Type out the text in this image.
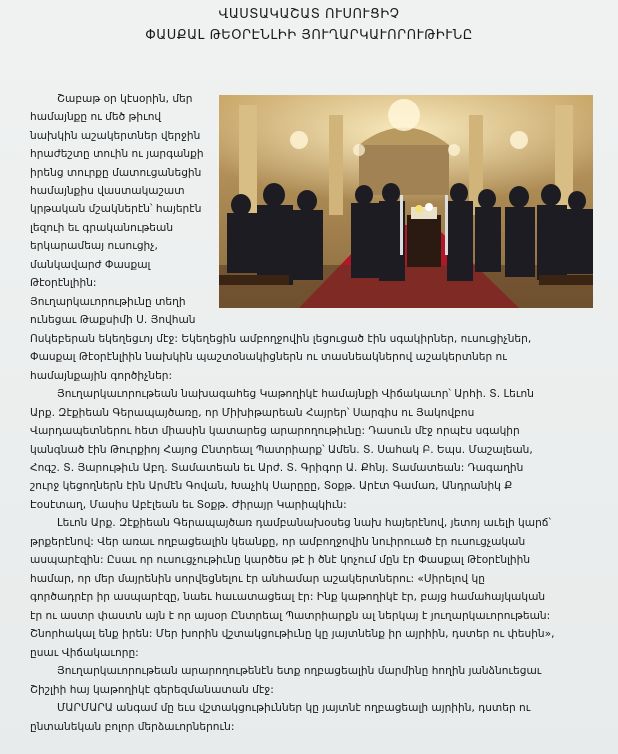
ՎԱՍՏԱԿԱՇԱՏ ՈՒՍՈՒՑԻՉ
ՓԱՍՔԱԼ ԹԵՕՐԷՆԼԻԻ ՅՈՒՂԱՐԿԱՒՈՐՈՒԹԻՒՆԸ
Շաբաթ օր կէսօրին, մեր
համայնքը ու մեծ թիւով
նախկին աշակերտներ վերջին
հրաժեշտը տուին ու յարգանքի
իրենց տուրքը մատուցանեցին
համայնքիս վաստակաշատ
կրթական մշակներէն՝ հայերէն
լեզուի եւ գրականութեան
երկարամեայ ուսուցիչ,
մանկավարժ Փասքալ
Թէօրէնլիին:
Յուղարկաւորութիւնը տեղի
ունեցաւ Թաքսիմի Ս. Յովհան
Ոսկեբերան եկեղեցւոյ մէջ: Եկեղեցին ամբողջովին լեցուցած էին սգակիրներ, ուսուցիչներ,
Փասքալ Թէօրէնլիին նախկին պաշտօնակիցներն ու տասնեակներով աշակերտներ ու
համայնքային գործիչներ:
Յուղարկաւորութեան նախագահեց Կաթողիկէ համայնքի Վիճակաւոր՝ Արհի. Տ. Լեւոն
Արք. Զէքիեան Գերապայծառը, որ Միխիթարեան Հայրեր՝ Սարգիս ու Յակովբոս
Վարդապետներու հետ միասին կատարեց արարողութիւնը: Դասուն մէջ որպէս սգակիր
կանգնած էին Թուրքիոյ Հայոց Ընտրեալ Պատրիարք՝ Ամեն. Տ. Սահակ Բ. Եպս. Մաշալեան,
Հոգշ. Տ. Յարութիւն Աբղ. Տամատեան եւ Արժ. Տ. Գրիգոր Ա. Քհնյ. Տամատեան: Դագաղին
շուրջ կեցողներն էին Արմէն Գովան, Խաչիկ Սարըըը, Տօքթ. Արէտ Գամառ, Անդրանիկ Ք
Էօսէտաղ, Մասիս Աբէլեան եւ Տօքթ. Ժիրայր Կարիպկիւն:
Լեւոն Արք. Զէքիեան Գերապայծառ դամբանախօսեց նախ հայերէնով, յետոյ աւելի կարճ՝
թրքերէնով: Վեր առաւ ողբացեալին կեանքը, որ ամբողջովին նուիրուած էր ուսուցչական
ասպարէզին: Ըսաւ որ ուսուցչութիւնը կարծես թէ ի ծնէ կոչում մըն էր Փասքալ Թէօրէնլիին
համար, որ մեր մայրենին սորվեցնելու էր անհամար աշակերտներու: «Սիրելով կը
գործադրէր իր ասպարէզը, նաեւ հաւատացեալ էր: Ինք կաթողիկէ էր, բայց համահայկական
էր ու աստր փաստն այն է որ այսօր Ընտրեալ Պատրիարքն ալ ներկայ է յուղարկաւորութեան:
Շնորհակալ ենք իրեն: Մեր խորին վշտակցութիւնը կը յայտնենք իր այրիին, դստեր ու փեսին»,
ըսաւ Վիճակաւորը:
Յուղարկաւորութեան արարողութենէն ետք ողբացեալին մարմինը հողին յանձնուեցաւ
Շիշլիի հայ կաթողիկէ գերեզմանատան մէջ:
ՄԱՐՄԱՐԱ անգամ մը եւս վշտակցութիւններ կը յայտնէ ողբացեալի այրիին, դստեր ու
ընտանեկան բոլոր մերձաւորներուն:
